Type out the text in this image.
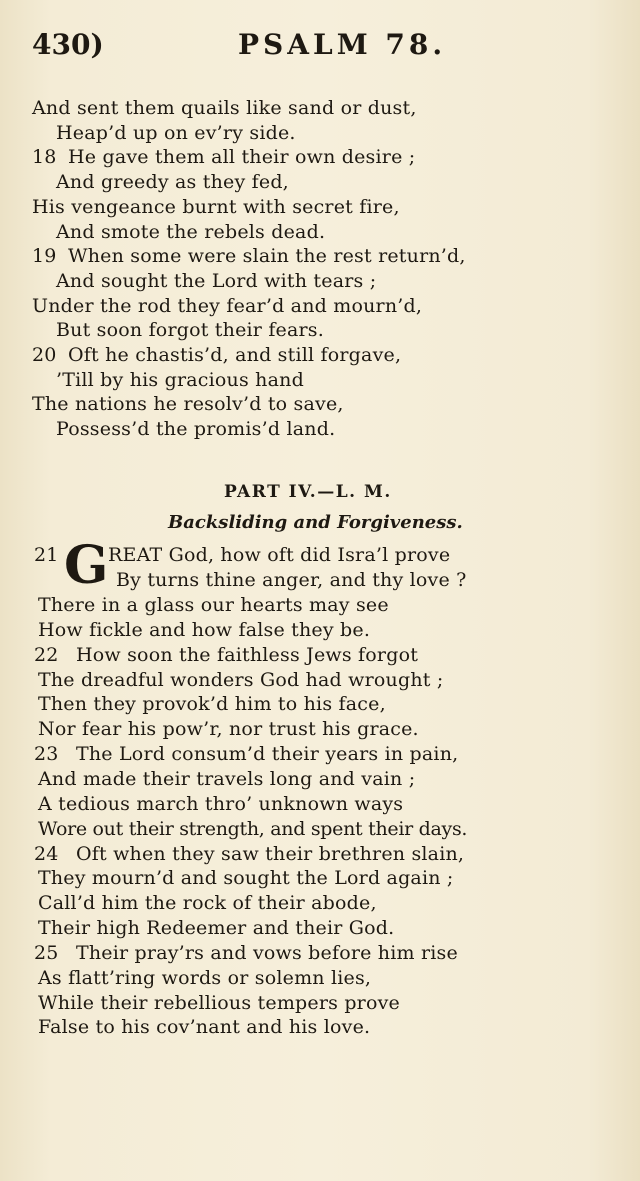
430)	PSALM 78.
And sent them quails like sand or dust,
Heap’d up on ev’ry side.
18 He gave them all their own desire ;
And greedy as they fed,
His vengeance burnt with secret fire,
And smote the rebels dead.
19 When some were slain the rest return’d,
And sought the Lord with tears ;
Under the rod they fear’d and mourn’d,
But soon forgot their fears.
20 Oft he chastis’d, and still forgave,
’Till by his gracious hand
The nations he resolv’d to save,
Possess’d the promis’d land.
PART IV.—L. M.
Backsliding and Forgiveness.
21 G REAT God, how oft did Isra’l prove
By turns thine anger, and thy love ?
There in a glass our hearts may see
How fickle and how false they be.
22 How soon the faithless Jews forgot
The dreadful wonders God had wrought ;
Then they provok’d him to his face,
Nor fear his pow’r, nor trust his grace.
23 The Lord consum’d their years in pain,
And made their travels long and vain ;
A tedious march thro’ unknown ways
Wore out their strength, and spent their days.
24 Oft when they saw their brethren slain,
They mourn’d and sought the Lord again ;
Call’d him the rock of their abode,
Their high Redeemer and their God.
25 Their pray’rs and vows before him rise
As flatt’ring words or solemn lies,
While their rebellious tempers prove
False to his cov’nant and his love.
